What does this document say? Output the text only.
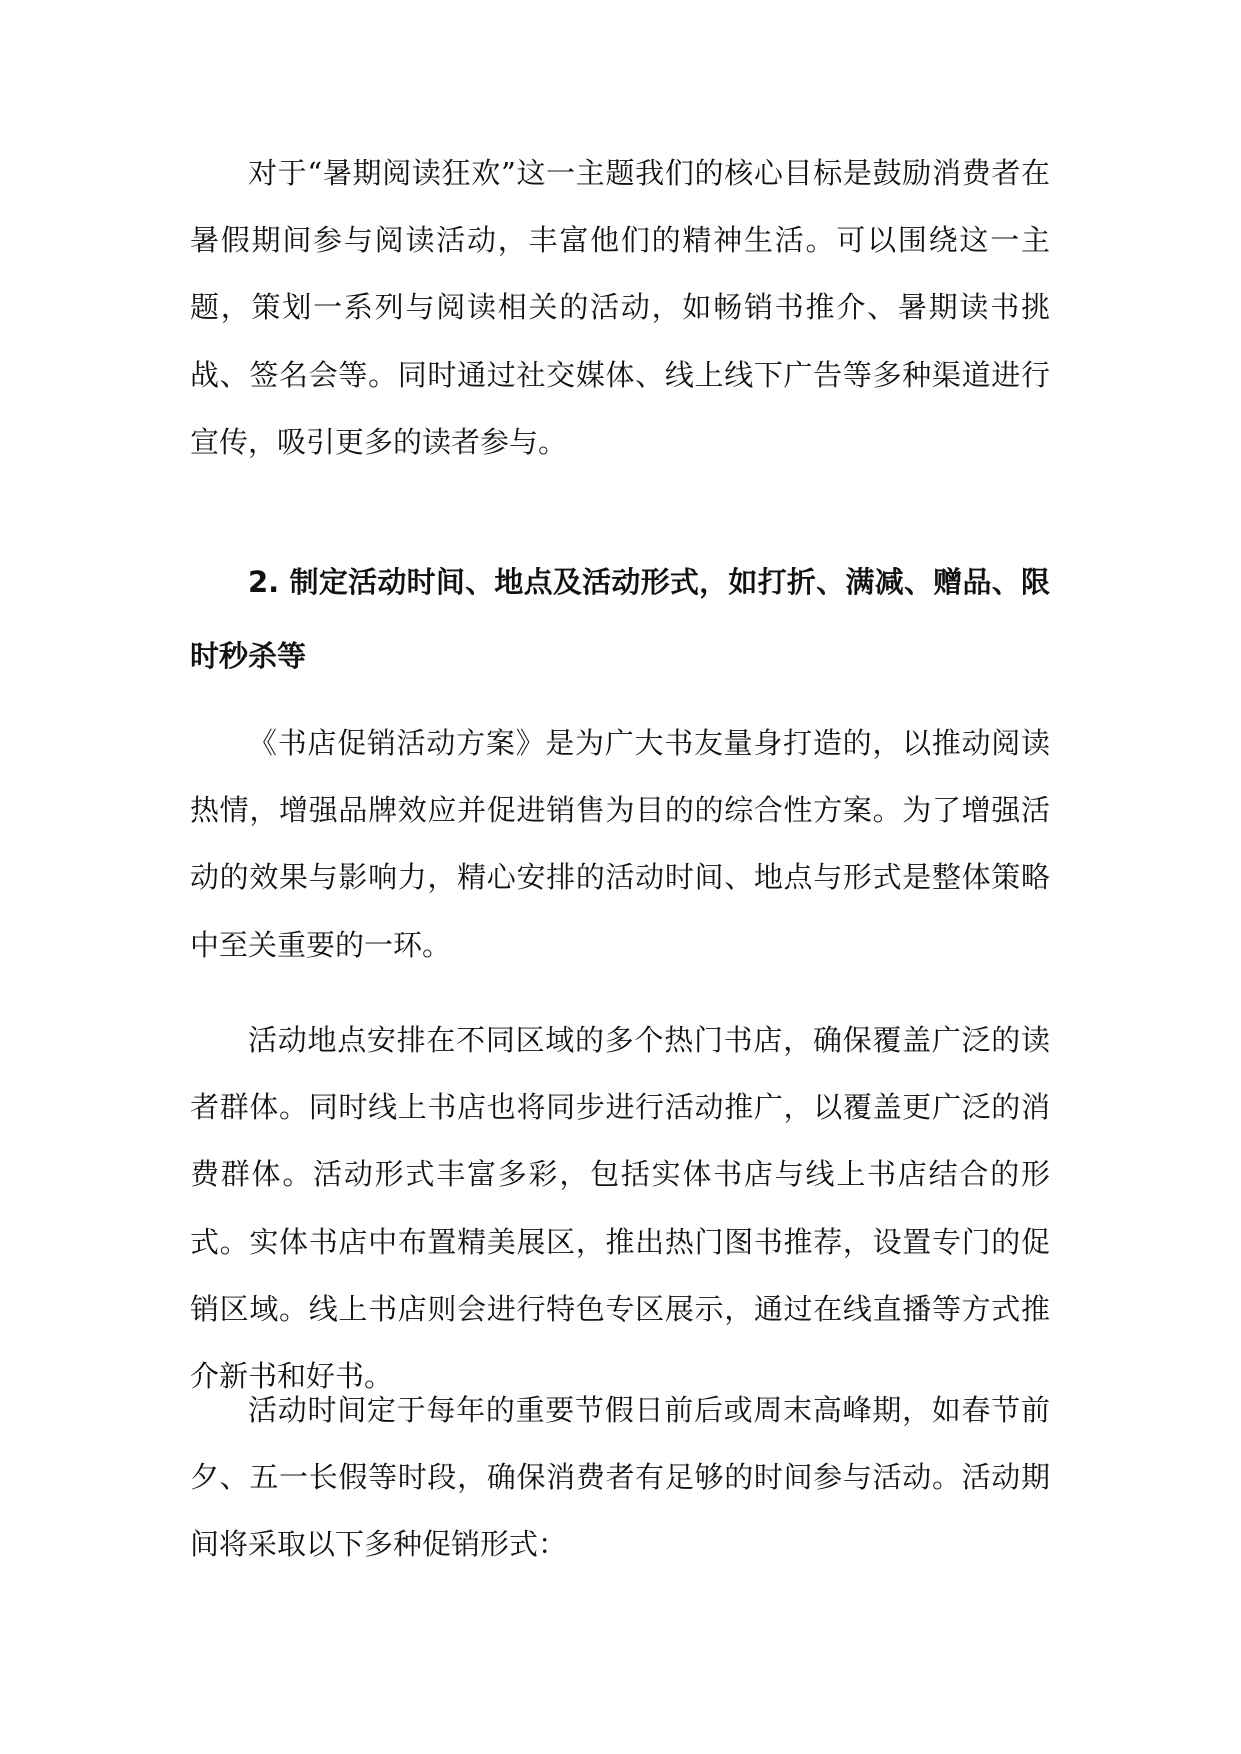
对于“暑期阅读狂欢”这一主题我们的核心目标是鼓励消费者在暑假期间参与阅读活动，丰富他们的精神生活。可以围绕这一主题，策划一系列与阅读相关的活动，如畅销书推介、暑期读书挑战、签名会等。同时通过社交媒体、线上线下广告等多种渠道进行宣传，吸引更多的读者参与。

2. 制定活动时间、地点及活动形式，如打折、满减、赠品、限时秒杀等

《书店促销活动方案》是为广大书友量身打造的，以推动阅读热情，增强品牌效应并促进销售为目的的综合性方案。为了增强活动的效果与影响力，精心安排的活动时间、地点与形式是整体策略中至关重要的一环。

活动地点安排在不同区域的多个热门书店，确保覆盖广泛的读者群体。同时线上书店也将同步进行活动推广，以覆盖更广泛的消费群体。活动形式丰富多彩，包括实体书店与线上书店结合的形式。实体书店中布置精美展区，推出热门图书推荐，设置专门的促销区域。线上书店则会进行特色专区展示，通过在线直播等方式推介新书和好书。

活动时间定于每年的重要节假日前后或周末高峰期，如春节前夕、五一长假等时段，确保消费者有足够的时间参与活动。活动期间将采取以下多种促销形式：
